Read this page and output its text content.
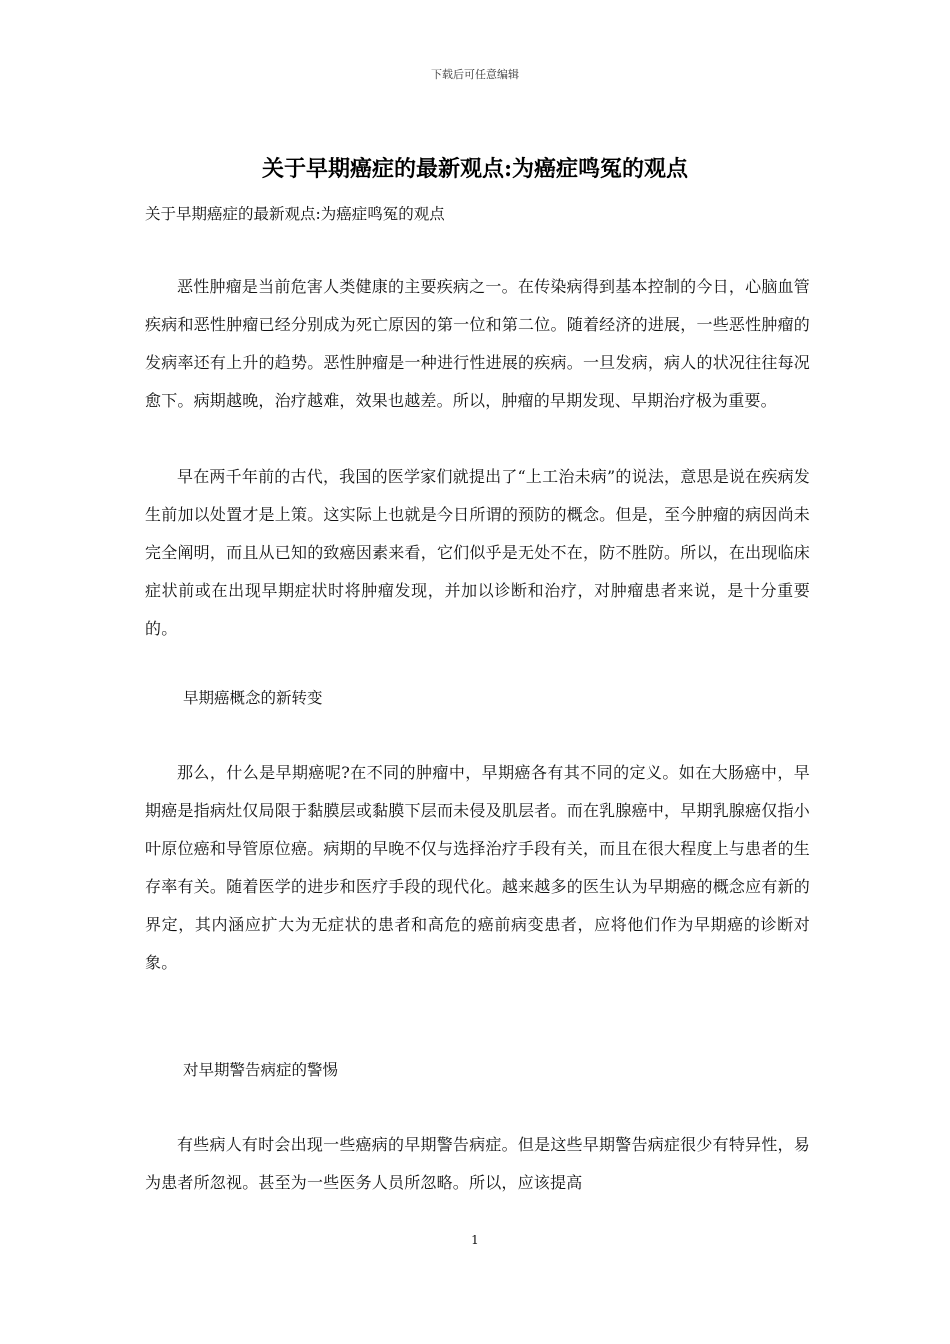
下载后可任意编辑
关于早期癌症的最新观点:为癌症鸣冤的观点

关于早期癌症的最新观点:为癌症鸣冤的观点

恶性肿瘤是当前危害人类健康的主要疾病之一。在传染病得到基本控制的今日，心脑血管疾病和恶性肿瘤已经分别成为死亡原因的第一位和第二位。随着经济的进展，一些恶性肿瘤的发病率还有上升的趋势。恶性肿瘤是一种进行性进展的疾病。一旦发病，病人的状况往往每况愈下。病期越晚，治疗越难，效果也越差。所以，肿瘤的早期发现、早期治疗极为重要。

早在两千年前的古代，我国的医学家们就提出了“上工治未病”的说法，意思是说在疾病发生前加以处置才是上策。这实际上也就是今日所谓的预防的概念。但是，至今肿瘤的病因尚未完全阐明，而且从已知的致癌因素来看，它们似乎是无处不在，防不胜防。所以，在出现临床症状前或在出现早期症状时将肿瘤发现，并加以诊断和治疗，对肿瘤患者来说，是十分重要的。

早期癌概念的新转变

那么，什么是早期癌呢?在不同的肿瘤中，早期癌各有其不同的定义。如在大肠癌中，早期癌是指病灶仅局限于黏膜层或黏膜下层而未侵及肌层者。而在乳腺癌中，早期乳腺癌仅指小叶原位癌和导管原位癌。病期的早晚不仅与选择治疗手段有关，而且在很大程度上与患者的生存率有关。随着医学的进步和医疗手段的现代化。越来越多的医生认为早期癌的概念应有新的界定，其内涵应扩大为无症状的患者和高危的癌前病变患者，应将他们作为早期癌的诊断对象。

对早期警告病症的警惕

有些病人有时会出现一些癌病的早期警告病症。但是这些早期警告病症很少有特异性，易为患者所忽视。甚至为一些医务人员所忽略。所以，应该提高

1
